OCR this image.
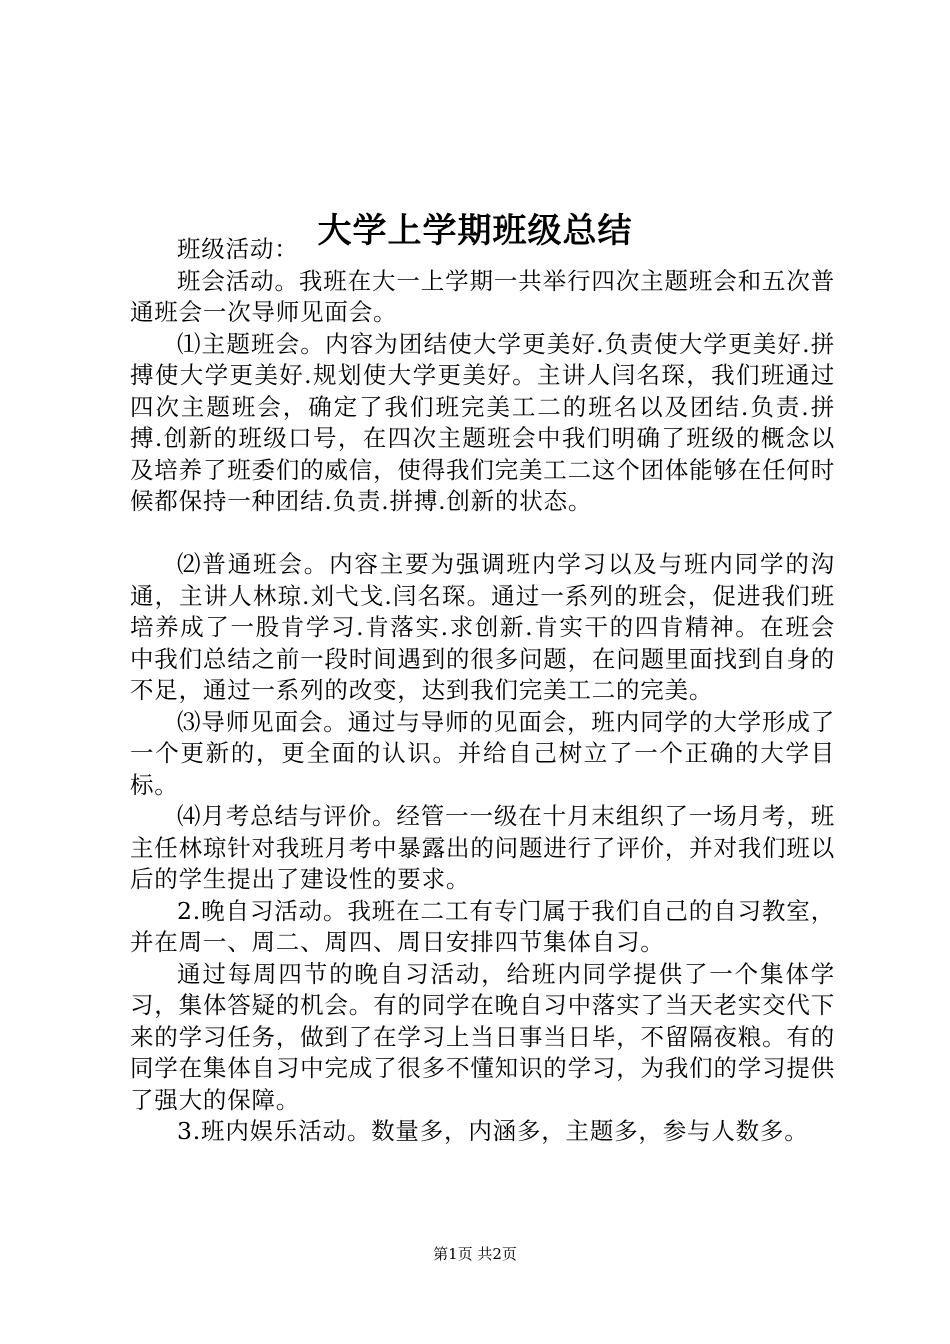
大学上学期班级总结

班级活动：

班会活动。我班在大一上学期一共举行四次主题班会和五次普通班会一次导师见面会。

⑴主题班会。内容为团结使大学更美好.负责使大学更美好.拼搏使大学更美好.规划使大学更美好。主讲人闫名琛，我们班通过四次主题班会，确定了我们班完美工二的班名以及团结.负责.拼搏.创新的班级口号，在四次主题班会中我们明确了班级的概念以及培养了班委们的威信，使得我们完美工二这个团体能够在任何时候都保持一种团结.负责.拼搏.创新的状态。

⑵普通班会。内容主要为强调班内学习以及与班内同学的沟通，主讲人林琼.刘弋戈.闫名琛。通过一系列的班会，促进我们班培养成了一股肯学习.肯落实.求创新.肯实干的四肯精神。在班会中我们总结之前一段时间遇到的很多问题，在问题里面找到自身的不足，通过一系列的改变，达到我们完美工二的完美。

⑶导师见面会。通过与导师的见面会，班内同学的大学形成了一个更新的，更全面的认识。并给自己树立了一个正确的大学目标。

⑷月考总结与评价。经管一一级在十月末组织了一场月考，班主任林琼针对我班月考中暴露出的问题进行了评价，并对我们班以后的学生提出了建设性的要求。

2.晚自习活动。我班在二工有专门属于我们自己的自习教室，并在周一、周二、周四、周日安排四节集体自习。

通过每周四节的晚自习活动，给班内同学提供了一个集体学习，集体答疑的机会。有的同学在晚自习中落实了当天老实交代下来的学习任务，做到了在学习上当日事当日毕，不留隔夜粮。有的同学在集体自习中完成了很多不懂知识的学习，为我们的学习提供了强大的保障。

3.班内娱乐活动。数量多，内涵多，主题多，参与人数多。

第1页 共2页
